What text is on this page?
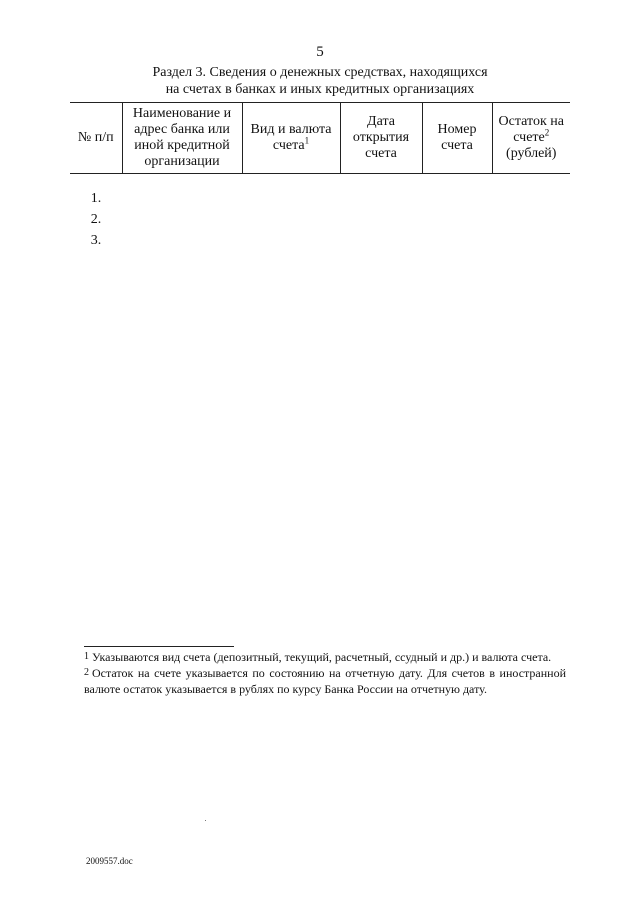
5
Раздел 3. Сведения о денежных средствах, находящихся
на счетах в банках и иных кредитных организациях
№ п/п	Наименование и адрес банка или иной кредитной организации	Вид и валюта счета$^1$	Дата открытия счета	Номер счета	Остаток на счете$^2$
(рублей)
1.					
2.					
3.					

$^1$ Указываются вид счета (депозитный, текущий, расчетный, ссудный и др.) и валюта счета.

$^2$ Остаток на счете указывается по состоянию на отчетную дату. Для счетов в иностранной валюте остаток указывается в рублях по курсу Банка России на отчетную дату.

2009557.doc
